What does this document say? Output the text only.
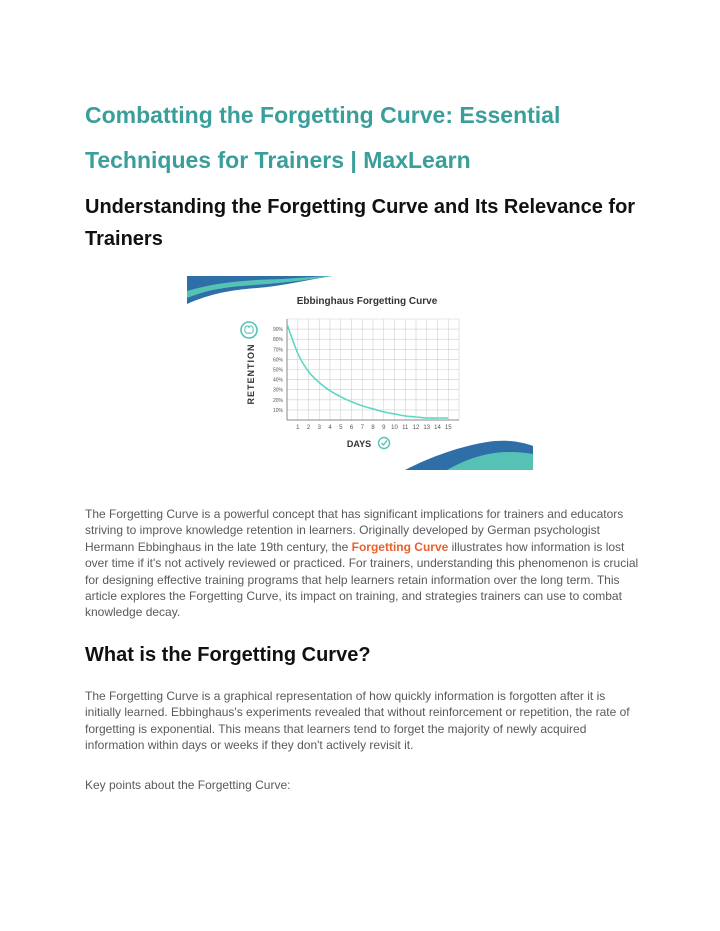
Combatting the Forgetting Curve: Essential Techniques for Trainers | MaxLearn
Understanding the Forgetting Curve and Its Relevance for Trainers
Ebbinghaus Forgetting Curve
RETENTION
10%
20%
30%
40%
50%
60%
70%
80%
90%
1 2 3 4 5 6 7 8 9 10 11 12 13 14 15
DAYS

The Forgetting Curve is a powerful concept that has significant implications for trainers and educators striving to improve knowledge retention in learners. Originally developed by German psychologist Hermann Ebbinghaus in the late 19th century, the Forgetting Curve illustrates how information is lost over time if it's not actively reviewed or practiced. For trainers, understanding this phenomenon is crucial for designing effective training programs that help learners retain information over the long term. This article explores the Forgetting Curve, its impact on training, and strategies trainers can use to combat knowledge decay.

What is the Forgetting Curve?

The Forgetting Curve is a graphical representation of how quickly information is forgotten after it is initially learned. Ebbinghaus's experiments revealed that without reinforcement or repetition, the rate of forgetting is exponential. This means that learners tend to forget the majority of newly acquired information within days or weeks if they don't actively revisit it.

Key points about the Forgetting Curve:
